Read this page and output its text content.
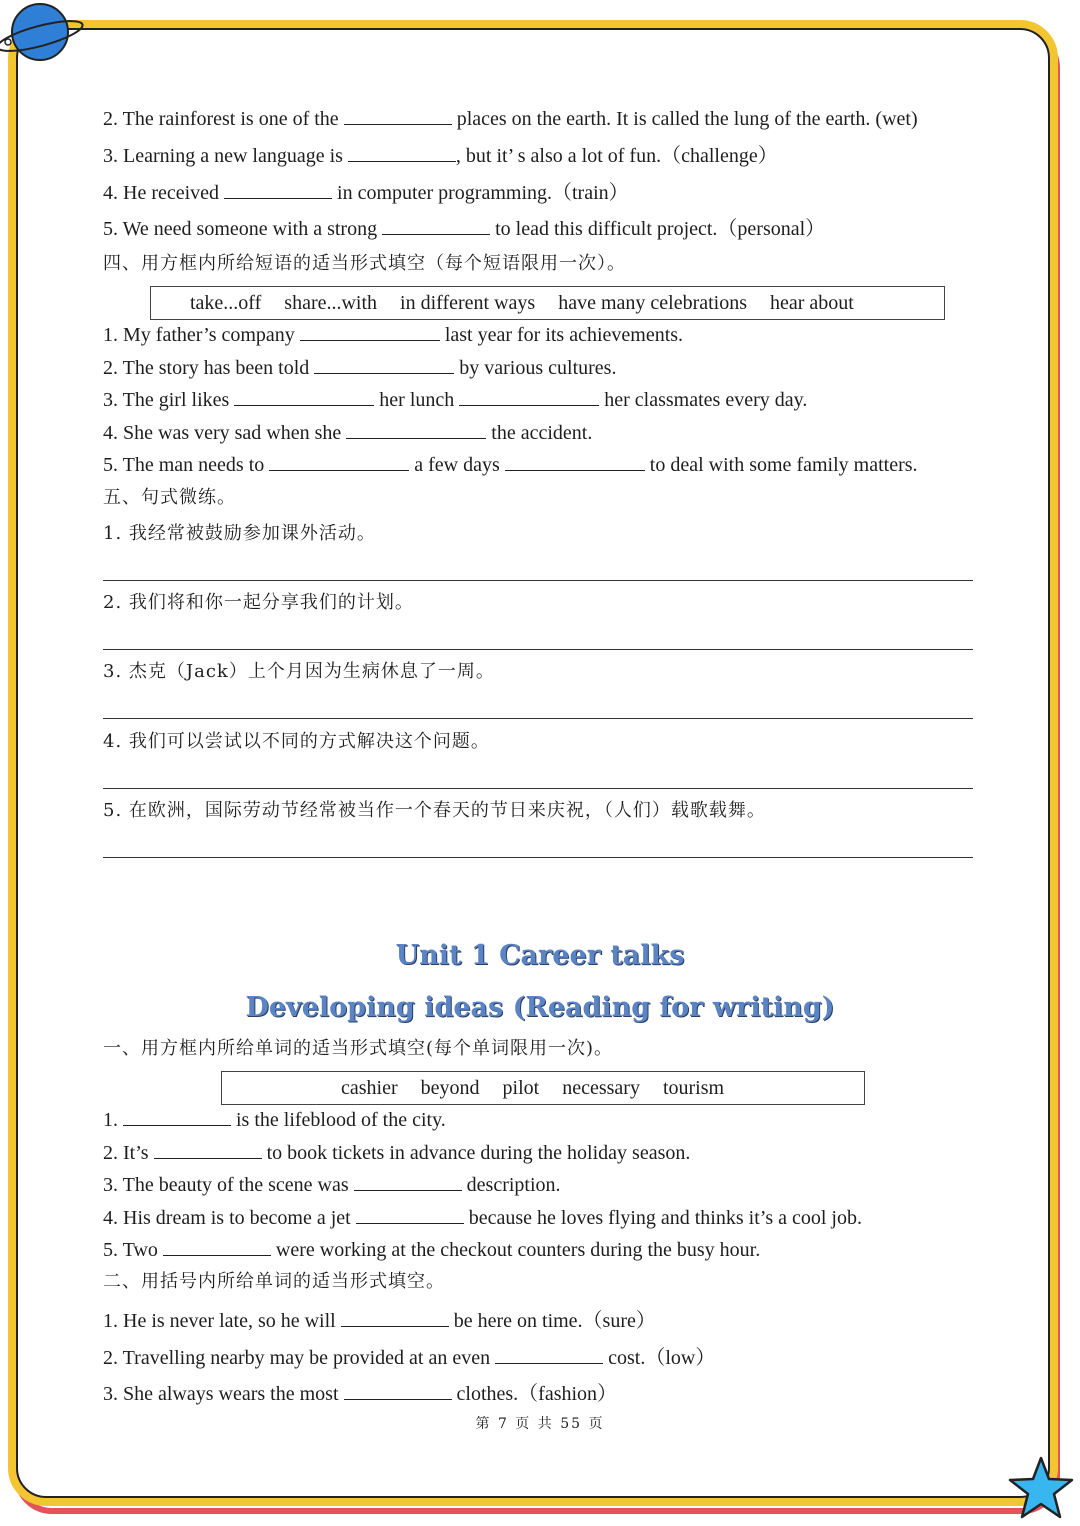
2. The rainforest is one of the	places on the earth. It is called the lung of the earth. (wet)
3. Learning a new language is	, but it’ s also a lot of fun.（challenge）
4. He received	in computer programming.（train）
5. We need someone with a strong	to lead this difficult project.（personal）
四、用方框内所给短语的适当形式填空（每个短语限用一次）。
take...off share...with in different ways have many celebrations hear about
1. My father’s company	last year for its achievements.
2. The story has been told	by various cultures.
3. The girl likes	her lunch	her classmates every day.
4. She was very sad when she	the accident.
5. The man needs to	a few days	to deal with some family matters.
五、句式微练。
1. 我经常被鼓励参加课外活动。
2. 我们将和你一起分享我们的计划。
3. 杰克（Jack）上个月因为生病休息了一周。
4. 我们可以尝试以不同的方式解决这个问题。
5. 在欧洲，国际劳动节经常被当作一个春天的节日来庆祝，（人们）载歌载舞。
Unit 1 Career talks
Developing ideas (Reading for writing)
一、用方框内所给单词的适当形式填空(每个单词限用一次)。
cashier beyond pilot necessary tourism
1.	is the lifeblood of the city.
2. It’s	to book tickets in advance during the holiday season.
3. The beauty of the scene was	description.
4. His dream is to become a jet	because he loves flying and thinks it’s a cool job.
5. Two	were working at the checkout counters during the busy hour.
二、用括号内所给单词的适当形式填空。
1. He is never late, so he will	be here on time.（sure）
2. Travelling nearby may be provided at an even	cost.（low）
3. She always wears the most	clothes.（fashion）
第 7 页 共 55 页
